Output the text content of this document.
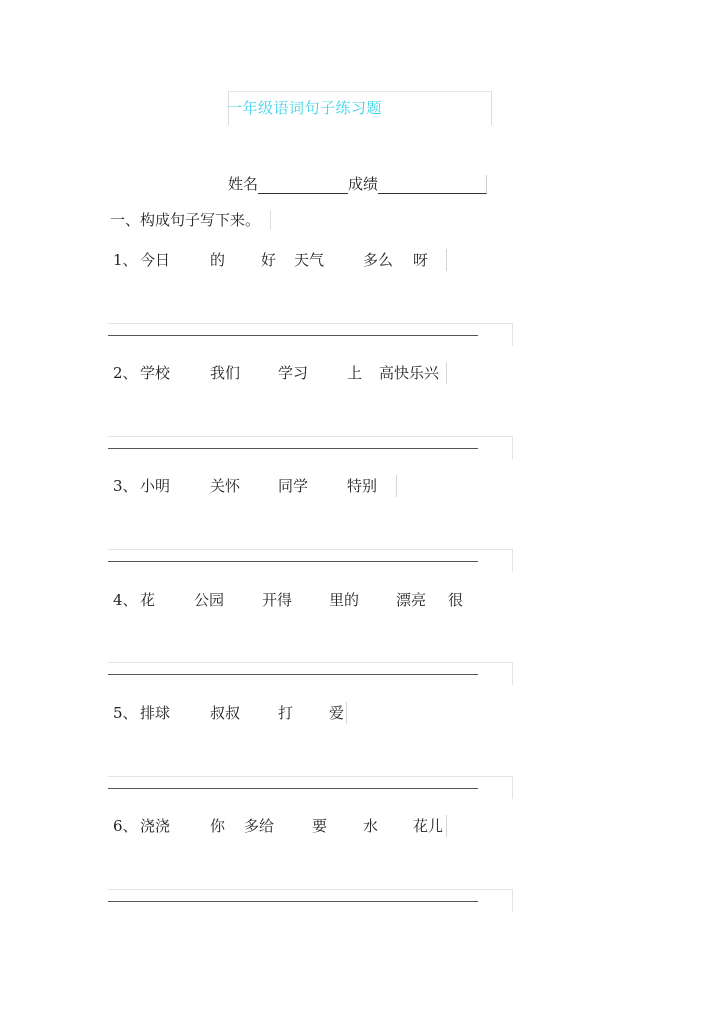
一年级语词句子练习题
姓名	成绩
一、构成句子写下来。
1、 今日	的 好 天气	多么 呀
2、 学校	我们	学习	上 高快乐兴
3、 小明	关怀	同学	特别
4、 花	公园	开得 里的 漂亮 很
5、 排球	叔叔	打 爱
6、 浇浇	你 多给	要 水 花儿
